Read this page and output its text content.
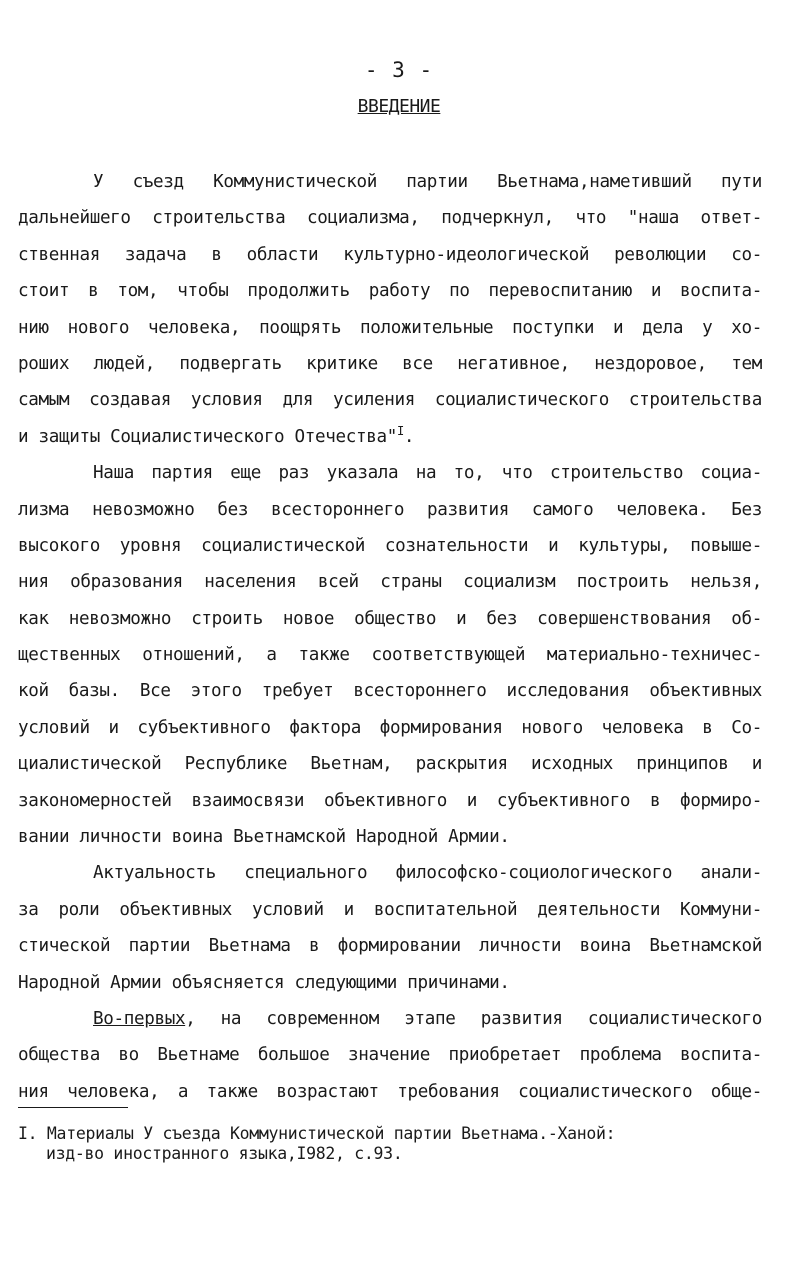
- 3 -
ВВЕДЕНИЕ
У съезд Коммунистической партии Вьетнама,наметивший пути
дальнейшего строительства социализма, подчеркнул, что "наша ответ-
ственная задача в области культурно-идеологической революции со-
стоит в том, чтобы продолжить работу по перевоспитанию и воспита-
нию нового человека, поощрять положительные поступки и дела у хо-
роших людей, подвергать критике все негативное, нездоровое, тем
самым создавая условия для усиления социалистического строительства
и защиты Социалистического Отечества"$^I$.
Наша партия еще раз указала на то, что строительство социа-
лизма невозможно без всестороннего развития самого человека. Без
высокого уровня социалистической сознательности и культуры, повыше-
ния образования населения всей страны социализм построить нельзя,
как невозможно строить новое общество и без совершенствования об-
щественных отношений, а также соответствующей материально-техничес-
кой базы. Все этого требует всестороннего исследования объективных
условий и субъективного фактора формирования нового человека в Со-
циалистической Республике Вьетнам, раскрытия исходных принципов и
закономерностей взаимосвязи объективного и субъективного в формиро-
вании личности воина Вьетнамской Народной Армии.
Актуальность специального философско-социологического анали-
за роли объективных условий и воспитательной деятельности Коммуни-
стической партии Вьетнама в формировании личности воина Вьетнамской
Народной Армии объясняется следующими причинами.
Во-первых, на современном этапе развития социалистического
общества во Вьетнаме большое значение приобретает проблема воспита-
ния человека, а также возрастают требования социалистического обще-
I. Материалы У съезда Коммунистической партии Вьетнама.-Ханой:
изд-во иностранного языка,I982, с.93.
